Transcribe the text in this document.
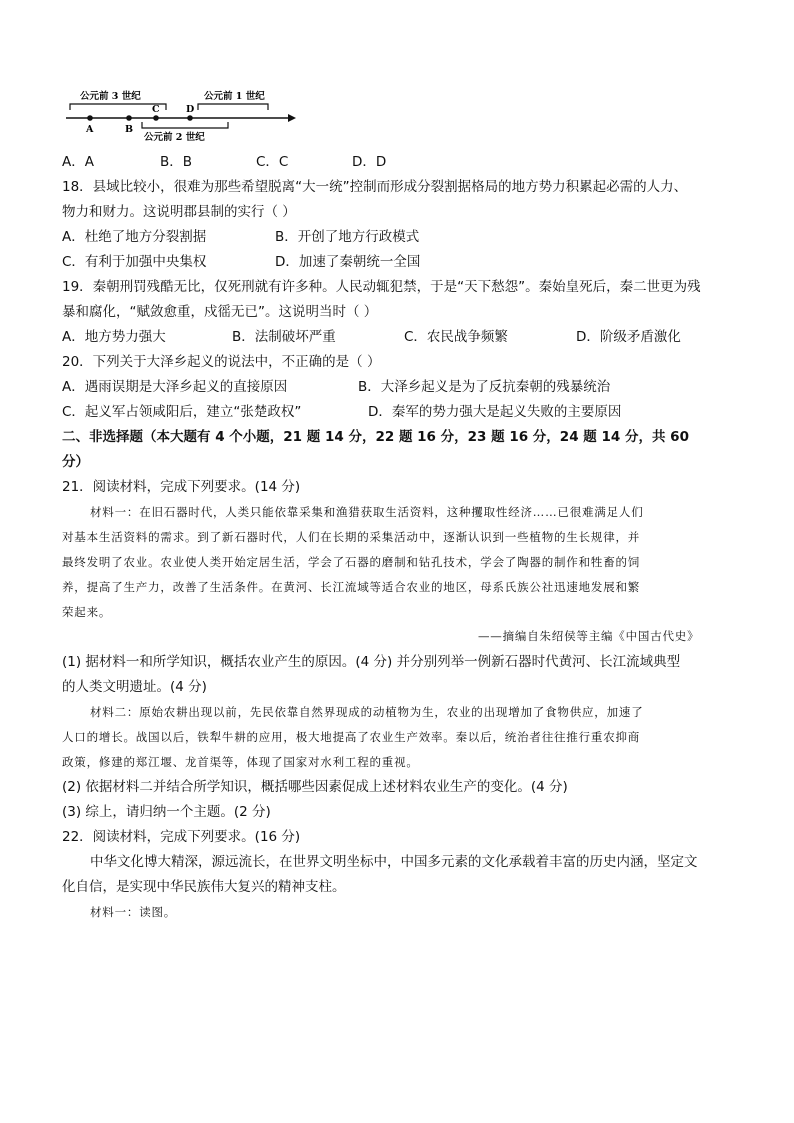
公元前 3 世纪	公元前 1 世纪
A	B
C	D
公元前 2 世纪
A．A	B．B	C．C	D．D
18．县域比较小，很难为那些希望脱离“大一统”控制而形成分裂割据格局的地方势力积累起必需的人力、
物力和财力。这说明郡县制的实行（ ）
A．杜绝了地方分裂割据	B．开创了地方行政模式
C．有利于加强中央集权	D．加速了秦朝统一全国
19．秦朝刑罚残酷无比，仅死刑就有许多种。人民动辄犯禁，于是“天下愁怨”。秦始皇死后，秦二世更为残
暴和腐化，“赋敛愈重，戍徭无已”。这说明当时（ ）
A．地方势力强大	B．法制破坏严重	C．农民战争频繁	D．阶级矛盾激化
20．下列关于大泽乡起义的说法中，不正确的是（ ）
A．遇雨误期是大泽乡起义的直接原因	B．大泽乡起义是为了反抗秦朝的残暴统治
C．起义军占领咸阳后，建立“张楚政权”	D．秦军的势力强大是起义失败的主要原因
二、非选择题（本大题有 4 个小题，21 题 14 分，22 题 16 分，23 题 16 分，24 题 14 分，共 60
分）
21．阅读材料，完成下列要求。(14 分)
材料一：在旧石器时代，人类只能依靠采集和渔猎获取生活资料，这种攫取性经济……已很难满足人们
对基本生活资料的需求。到了新石器时代，人们在长期的采集活动中，逐渐认识到一些植物的生长规律，并
最终发明了农业。农业使人类开始定居生活，学会了石器的磨制和钻孔技术，学会了陶器的制作和牲畜的饲
养，提高了生产力，改善了生活条件。在黄河、长江流域等适合农业的地区，母系氏族公社迅速地发展和繁
荣起来。
——摘编自朱绍侯等主编《中国古代史》
(1) 据材料一和所学知识，概括农业产生的原因。(4 分) 并分别列举一例新石器时代黄河、长江流域典型
的人类文明遗址。(4 分)
材料二：原始农耕出现以前，先民依靠自然界现成的动植物为生，农业的出现增加了食物供应，加速了
人口的增长。战国以后，铁犁牛耕的应用，极大地提高了农业生产效率。秦以后，统治者往往推行重农抑商
政策，修建的郑江堰、龙首渠等，体现了国家对水利工程的重视。
(2) 依据材料二并结合所学知识，概括哪些因素促成上述材料农业生产的变化。(4 分)
(3) 综上，请归纳一个主题。(2 分)
22．阅读材料，完成下列要求。(16 分)
中华文化博大精深，源远流长，在世界文明坐标中，中国多元素的文化承载着丰富的历史内涵，坚定文
化自信，是实现中华民族伟大复兴的精神支柱。
材料一：读图。
